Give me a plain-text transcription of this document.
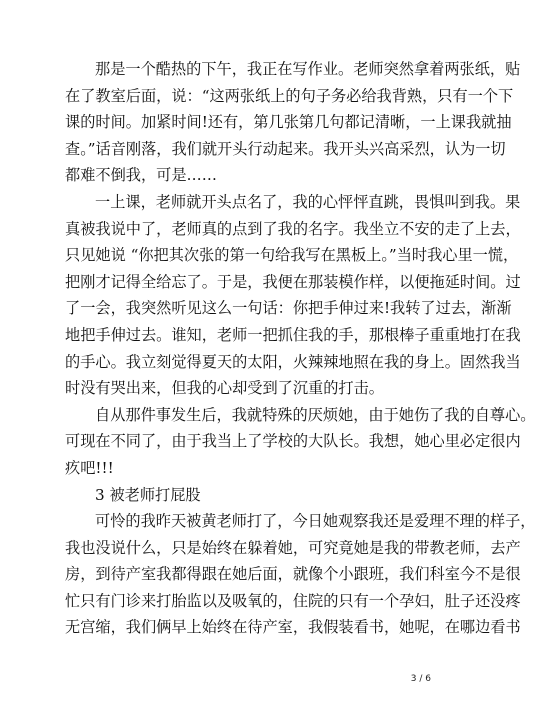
那是一个酷热的下午，我正在写作业。老师突然拿着两张纸，贴
在了教室后面，说：“这两张纸上的句子务必给我背熟，只有一个下
课的时间。加紧时间!还有，第几张第几句都记清晰，一上课我就抽
查。”话音刚落，我们就开头行动起来。我开头兴高采烈，认为一切
都难不倒我，可是……
一上课，老师就开头点名了，我的心怦怦直跳，畏惧叫到我。果
真被我说中了，老师真的点到了我的名字。我坐立不安的走了上去，
只见她说 “你把其次张的第一句给我写在黑板上。”当时我心里一慌，
把刚才记得全给忘了。于是，我便在那装模作样，以便拖延时间。过
了一会，我突然听见这么一句话：你把手伸过来!我转了过去，渐渐
地把手伸过去。谁知，老师一把抓住我的手，那根棒子重重地打在我
的手心。我立刻觉得夏天的太阳，火辣辣地照在我的身上。固然我当
时没有哭出来，但我的心却受到了沉重的打击。
自从那件事发生后，我就特殊的厌烦她，由于她伤了我的自尊心。
可现在不同了，由于我当上了学校的大队长。我想，她心里必定很内
疚吧!!!
3 被老师打屁股
可怜的我昨天被黄老师打了，今日她观察我还是爱理不理的样子，
我也没说什么，只是始终在躲着她，可究竟她是我的带教老师，去产
房，到待产室我都得跟在她后面，就像个小跟班，我们科室今不是很
忙只有门诊来打胎监以及吸氧的，住院的只有一个孕妇，肚子还没疼
无宫缩，我们俩早上始终在待产室，我假装看书，她呢，在哪边看书
3 / 6
